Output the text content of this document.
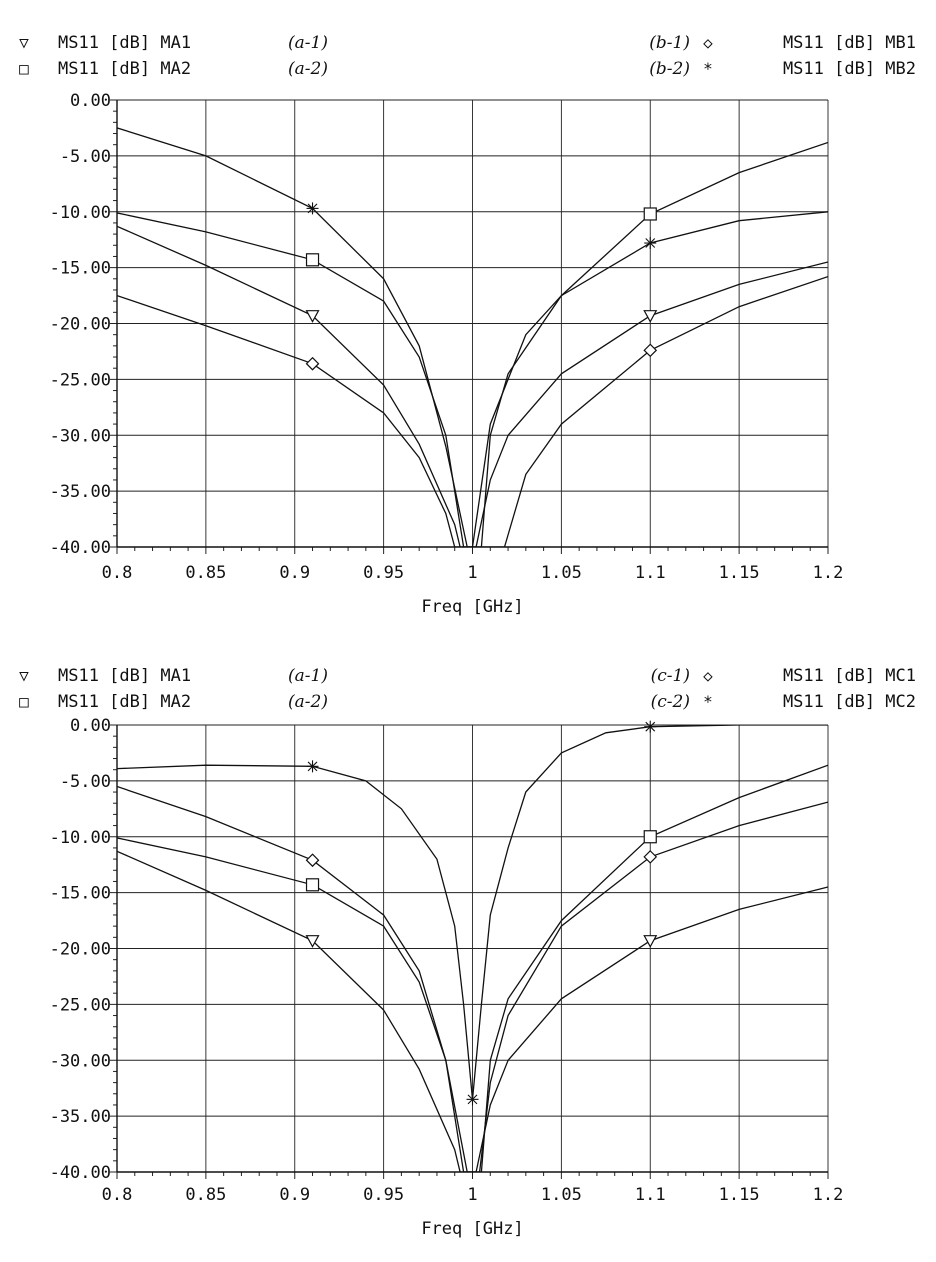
0.00
-5.00
-10.00
-15.00
-20.00
-25.00
-30.00
-35.00
-40.00
0.8	0.85	0.9	0.95	1	1.05	1.1	1.15	1.2
Freq [GHz]
▽ MS11 [dB] MA1	(a-1)
□ MS11 [dB] MA2	(a-2)
(b-1) ◇	MS11 [dB] MB1
(b-2) *	MS11 [dB] MB2
0.00
-5.00
-10.00
-15.00
-20.00
-25.00
-30.00
-35.00
-40.00
0.8	0.85	0.9	0.95	1	1.05	1.1	1.15	1.2
Freq [GHz]
▽ MS11 [dB] MA1	(a-1)
□ MS11 [dB] MA2	(a-2)
(c-1) ◇	MS11 [dB] MC1
(c-2) *	MS11 [dB] MC2
